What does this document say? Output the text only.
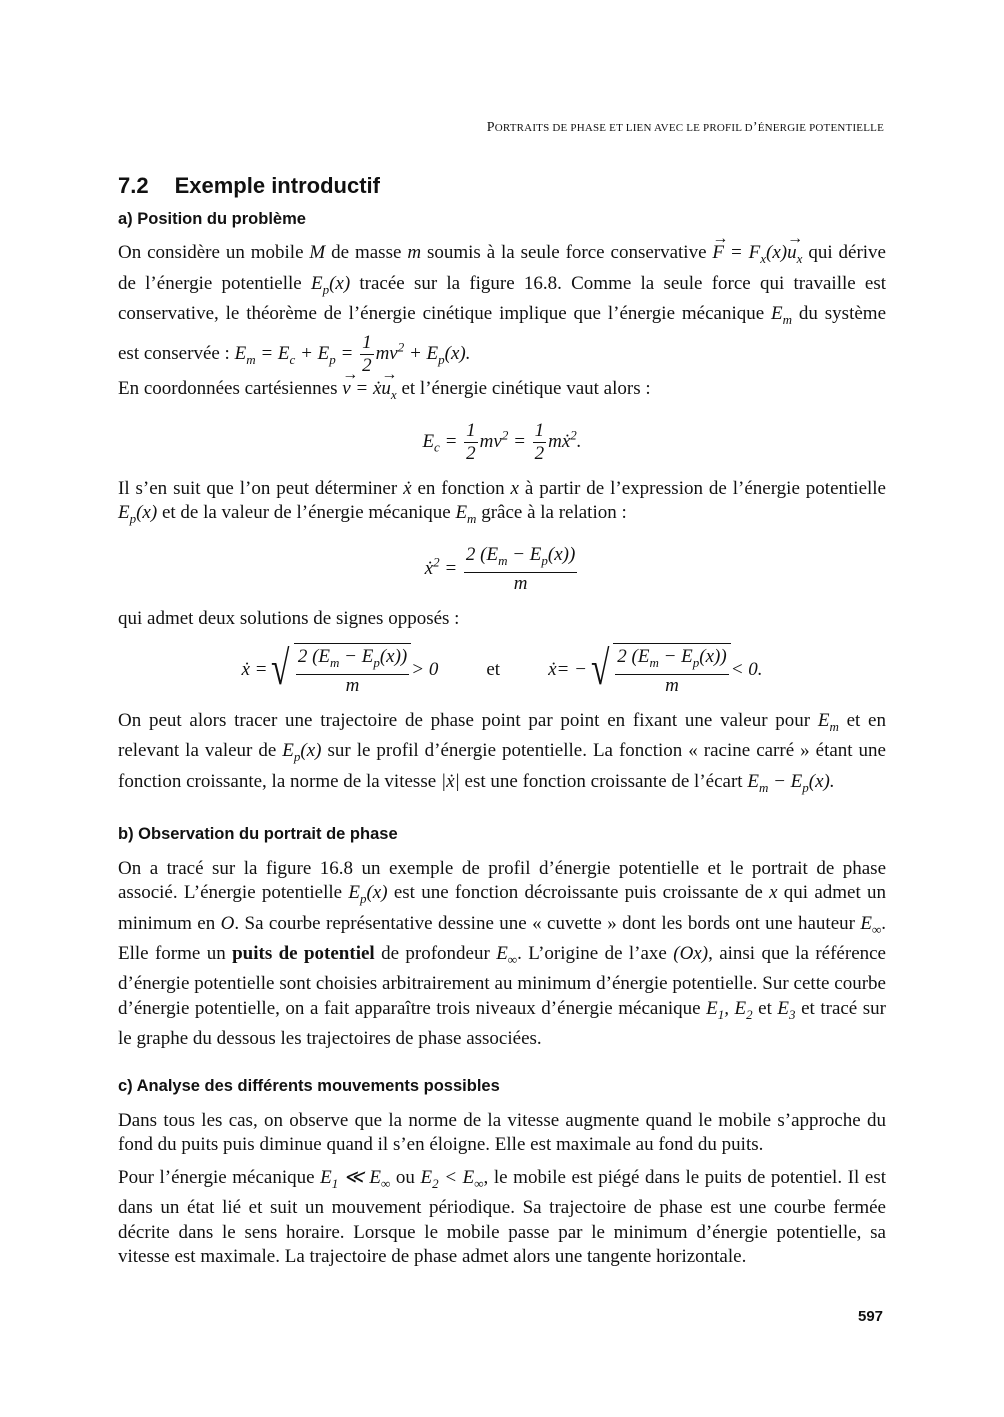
PORTRAITS DE PHASE ET LIEN AVEC LE PROFIL D’ÉNERGIE POTENTIELLE
7.2 Exemple introductif
a) Position du problème

On considère un mobile M de masse m soumis à la seule force conservative → $F = F_x(x)\to u_x$ qui dérive de l’énergie potentielle $E_p(x)$ tracée sur la figure 16.8. Comme la seule force qui travaille est conservative, le théorème de l’énergie cinétique implique que l’énergie mécanique $E_m$ du système est conservée : $E_m = E_c + E_p = \frac{1}{2} mv^2 + E_p(x)$.

En coordonnées cartésiennes → v = ẋ→ $u_x$ et l’énergie cinétique vaut alors :

$E_c = \frac{1}{2} mv^2 = \frac{1}{2}$ mẋ$^2$.

Il s’en suit que l’on peut déterminer ẋ en fonction x à partir de l’expression de l’énergie potentielle $E_p(x)$ et de la valeur de l’énergie mécanique $E_m$ grâce à la relation :

ẋ$^2$ = $\frac{2 (E_m - E_p(x))}{m}$

qui admet deux solutions de signes opposés :

ẋ = √ $\frac{2 (E_m - E_p(x))}{m} > 0$	et	ẋ = − √ $\frac{2 (E_m - E_p(x))}{m} < 0$.

On peut alors tracer une trajectoire de phase point par point en fixant une valeur pour $E_m$ et en relevant la valeur de $E_p(x)$ sur le profil d’énergie potentielle. La fonction « racine carré » étant une fonction croissante, la norme de la vitesse |ẋ| est une fonction croissante de l’écart $E_m - E_p(x)$.

b) Observation du portrait de phase

On a tracé sur la figure 16.8 un exemple de profil d’énergie potentielle et le portrait de phase associé. L’énergie potentielle $E_p(x)$ est une fonction décroissante puis croissante de x qui admet un minimum en O. Sa courbe représentative dessine une « cuvette » dont les bords ont une hauteur $E_\infty$. Elle forme un puits de potentiel de profondeur $E_\infty$. L’origine de l’axe (Ox), ainsi que la référence d’énergie potentielle sont choisies arbitrairement au minimum d’énergie potentielle. Sur cette courbe d’énergie potentielle, on a fait apparaître trois niveaux d’énergie mécanique $E_1$, $E_2$ et $E_3$ et tracé sur le graphe du dessous les trajectoires de phase associées.

c) Analyse des différents mouvements possibles

Dans tous les cas, on observe que la norme de la vitesse augmente quand le mobile s’approche du fond du puits puis diminue quand il s’en éloigne. Elle est maximale au fond du puits.

Pour l’énergie mécanique $E_1$ ≪ $E_\infty$ ou $E_2 < E_\infty$, le mobile est piégé dans le puits de potentiel. Il est dans un état lié et suit un mouvement périodique. Sa trajectoire de phase est une courbe fermée décrite dans le sens horaire. Lorsque le mobile passe par le minimum d’énergie potentielle, sa vitesse est maximale. La trajectoire de phase admet alors une tangente horizontale.

597
